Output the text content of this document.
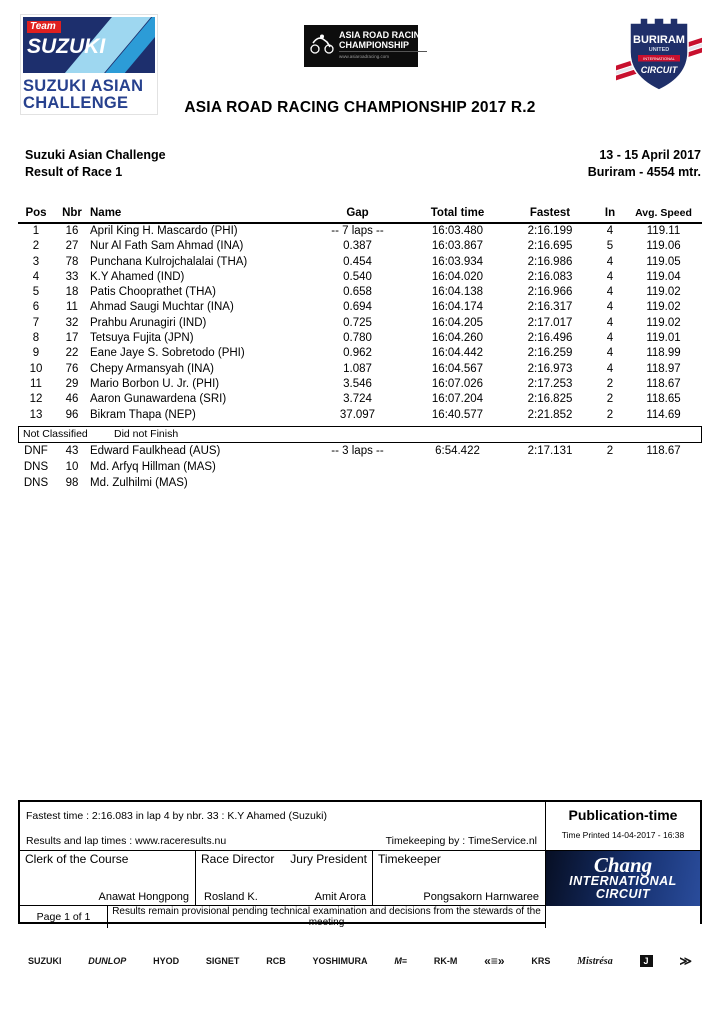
Team
SUZUKI
SUZUKI ASIAN
CHALLENGE
ASIA ROAD RACING
CHAMPIONSHIP
www.asiaroadracing.com
BURIRAM
UNITED
INTERNATIONAL
CIRCUIT
ASIA ROAD RACING CHAMPIONSHIP 2017 R.2
Suzuki Asian Challenge
Result of Race 1
13 - 15 April 2017
Buriram - 4554 mtr.
Pos	Nbr	Name	Gap	Total time	Fastest	In	Avg. Speed
1	16	April King H. Mascardo (PHI)	-- 7 laps --	16:03.480	2:16.199	4	119.11
2	27	Nur Al Fath Sam Ahmad (INA)	0.387	16:03.867	2:16.695	5	119.06
3	78	Punchana Kulrojchalalai (THA)	0.454	16:03.934	2:16.986	4	119.05
4	33	K.Y Ahamed (IND)	0.540	16:04.020	2:16.083	4	119.04
5	18	Patis Chooprathet (THA)	0.658	16:04.138	2:16.966	4	119.02
6	11	Ahmad Saugi Muchtar (INA)	0.694	16:04.174	2:16.317	4	119.02
7	32	Prahbu Arunagiri (IND)	0.725	16:04.205	2:17.017	4	119.02
8	17	Tetsuya Fujita (JPN)	0.780	16:04.260	2:16.496	4	119.01
9	22	Eane Jaye S. Sobretodo (PHI)	0.962	16:04.442	2:16.259	4	118.99
10	76	Chepy Armansyah (INA)	1.087	16:04.567	2:16.973	4	118.97
11	29	Mario Borbon U. Jr. (PHI)	3.546	16:07.026	2:17.253	2	118.67
12	46	Aaron Gunawardena (SRI)	3.724	16:07.204	2:16.825	2	118.65
13	96	Bikram Thapa (NEP)	37.097	16:40.577	2:21.852	2	114.69
Not Classified Did not Finish
DNF	43	Edward Faulkhead (AUS)	-- 3 laps --	6:54.422	2:17.131	2	118.67
DNS	10	Md. Arfyq Hillman (MAS)					
DNS	98	Md. Zulhilmi (MAS)					
Fastest time : 2:16.083 in lap 4 by nbr. 33 : K.Y Ahamed (Suzuki)
Results and lap times : www.raceresults.nu	Timekeeping by : TimeService.nl
Publication-time
Time Printed 14-04-2017 - 16:38
Clerk of the Course
Anawat Hongpong
Race Director Jury President
Rosland K.	Amit Arora
Timekeeper
Pongsakorn Harnwaree
Chang
INTERNATIONAL
CIRCUIT
Page 1 of 1	Results remain provisional pending technical examination and decisions from the stewards of the meeting
SUZUKI	DUNLOP	HYOD	SIGNET	RCB	YOSHIMURA	M≡	RK-M «≡»	KRS	Mistrésa	J	≫
